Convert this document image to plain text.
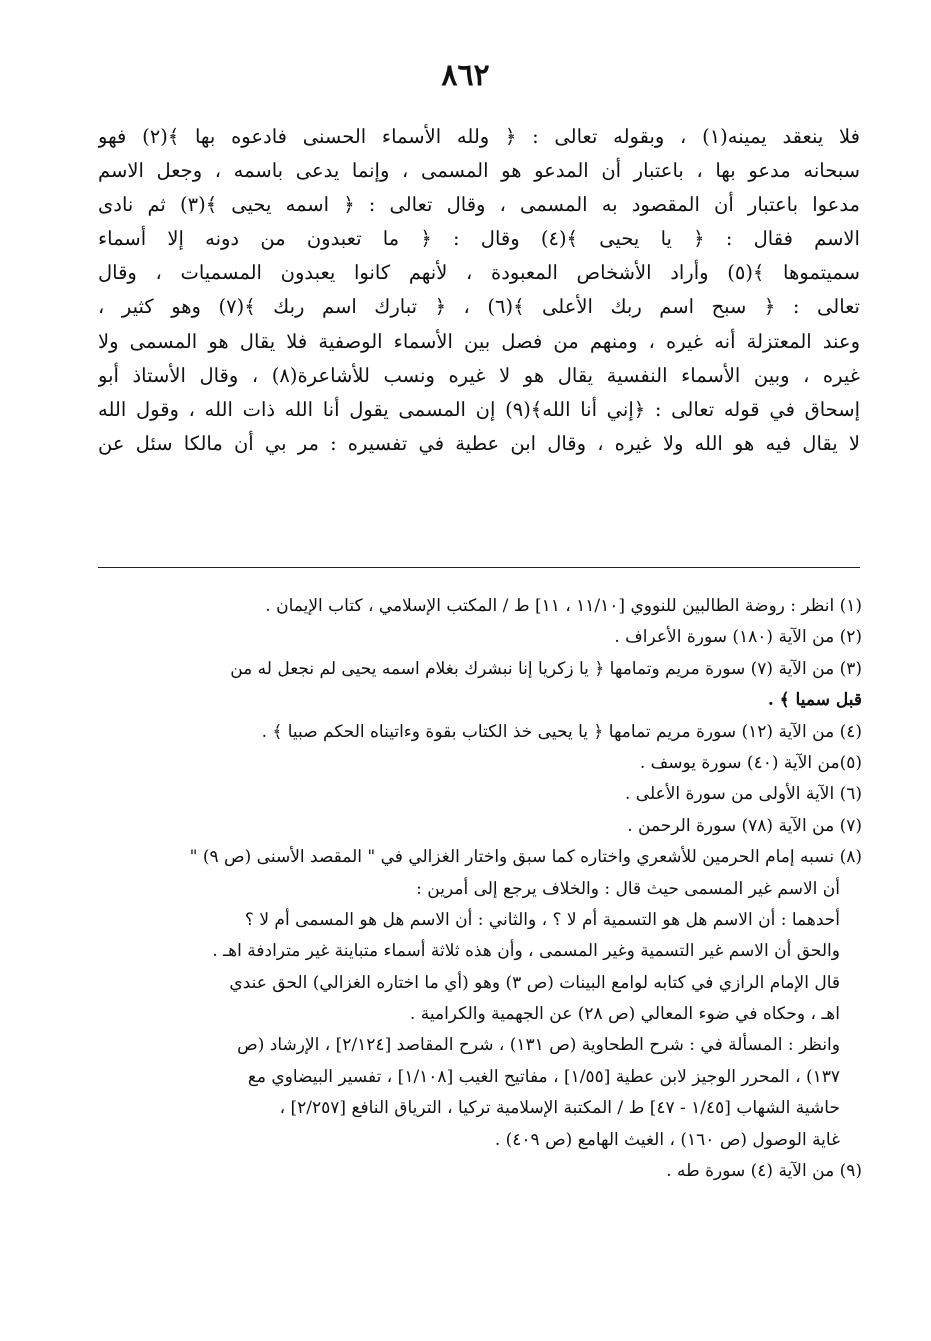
٨٦٢
فلا ينعقد يمينه(١) ، وبقوله تعالى : ﴿ ولله الأسماء الحسنى فادعوه بها ﴾(٢) فهو
سبحانه مدعو بها ، باعتبار أن المدعو هو المسمى ، وإنما يدعى باسمه ، وجعل الاسم
مدعوا باعتبار أن المقصود به المسمى ، وقال تعالى : ﴿ اسمه يحيى ﴾(٣) ثم نادى
الاسم فقال : ﴿ يا يحيى ﴾(٤) وقال : ﴿ ما تعبدون من دونه إلا أسماء
سميتموها ﴾(٥) وأراد الأشخاص المعبودة ، لأنهم كانوا يعبدون المسميات ، وقال
تعالى : ﴿ سبح اسم ربك الأعلى ﴾(٦) ، ﴿ تبارك اسم ربك ﴾(٧) وهو كثير ،
وعند المعتزلة أنه غيره ، ومنهم من فصل بين الأسماء الوصفية فلا يقال هو المسمى ولا
غيره ، وبين الأسماء النفسية يقال هو لا غيره ونسب للأشاعرة(٨) ، وقال الأستاذ أبو
إسحاق في قوله تعالى : ﴿إني أنا الله﴾(٩) إن المسمى يقول أنا الله ذات الله ، وقول الله
لا يقال فيه هو الله ولا غيره ، وقال ابن عطية في تفسيره : مر بي أن مالكا سئل عن
(١) انظر : روضة الطالبين للنووي [١١/١٠ ، ١١] ط / المكتب الإسلامي ، كتاب الإيمان .
(٢) من الآية (١٨٠) سورة الأعراف .
(٣) من الآية (٧) سورة مريم وتمامها ﴿ يا زكريا إنا نبشرك بغلام اسمه يحيى لم نجعل له من
قبل سميا ﴾ .
(٤) من الآية (١٢) سورة مريم تمامها ﴿ يا يحيى خذ الكتاب بقوة وءاتيناه الحكم صبيا ﴾ .
(٥)من الآية (٤٠) سورة يوسف .
(٦) الآية الأولى من سورة الأعلى .
(٧) من الآية (٧٨) سورة الرحمن .
(٨) نسبه إمام الحرمين للأشعري واختاره كما سبق واختار الغزالي في " المقصد الأسنى (ص ٩) "
أن الاسم غير المسمى حيث قال : والخلاف يرجع إلى أمرين :
أحدهما : أن الاسم هل هو التسمية أم لا ؟ ، والثاني : أن الاسم هل هو المسمى أم لا ؟
والحق أن الاسم غير التسمية وغير المسمى ، وأن هذه ثلاثة أسماء متباينة غير مترادفة اهـ .
قال الإمام الرازي في كتابه لوامع البينات (ص ٣) وهو (أي ما اختاره الغزالي) الحق عندي
اهـ ، وحكاه في ضوء المعالي (ص ٢٨) عن الجهمية والكرامية .
وانظر : المسألة في : شرح الطحاوية (ص ١٣١) ، شرح المقاصد [٢/١٢٤] ، الإرشاد (ص
١٣٧) ، المحرر الوجيز لابن عطية [١/٥٥] ، مفاتيح الغيب [١/١٠٨] ، تفسير البيضاوي مع
حاشية الشهاب [١/٤٥ - ٤٧] ط / المكتبة الإسلامية تركيا ، الترياق النافع [٢/٢٥٧] ،
غاية الوصول (ص ١٦٠) ، الغيث الهامع (ص ٤٠٩) .
(٩) من الآية (٤) سورة طه .
